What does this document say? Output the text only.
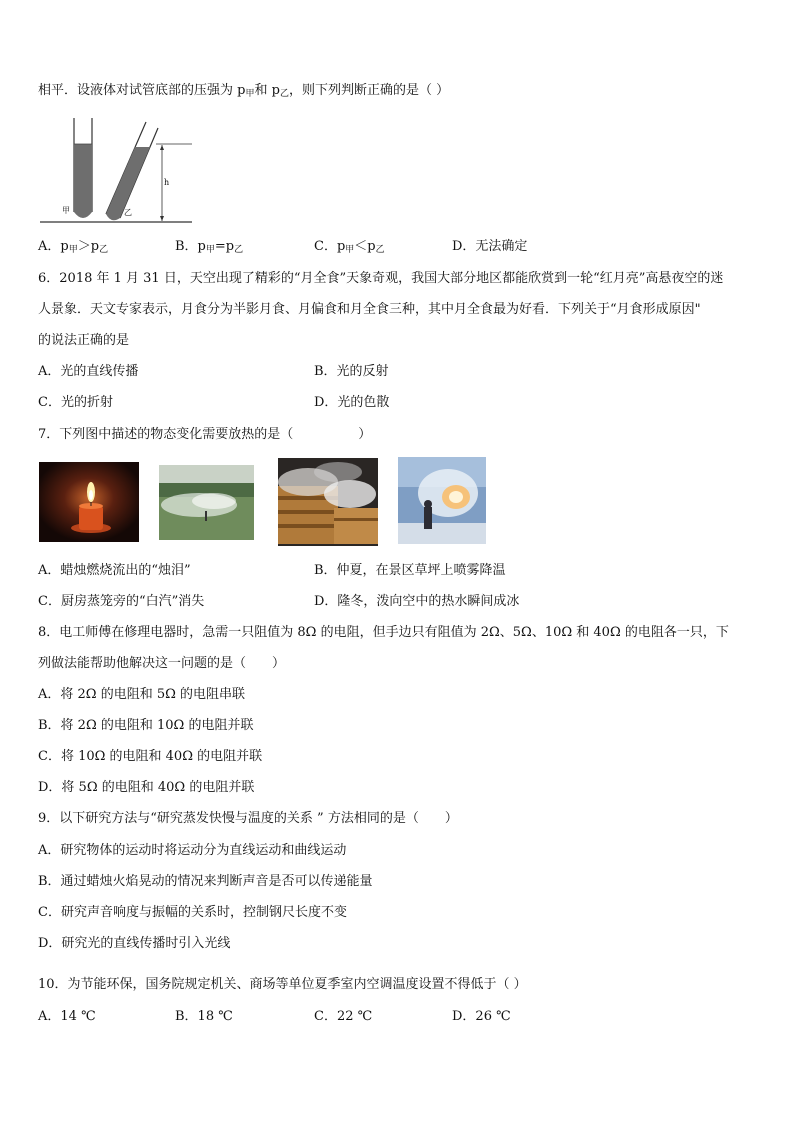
相平．设液体对试管底部的压强为 $p_甲$和 $p_乙$，则下列判断正确的是（ ）
甲	乙
h
A．$p_甲>p_乙$	B．$p_甲=p_乙$	C．$p_甲<p_乙$	D．无法确定
6．2018 年 1 月 31 日，天空出现了精彩的“月全食”天象奇观，我国大部分地区都能欣赏到一轮“红月亮”高悬夜空的迷
人景象．天文专家表示，月食分为半影月食、月偏食和月全食三种，其中月全食最为好看．下列关于“月食形成原因"
的说法正确的是
A．光的直线传播	B．光的反射
C．光的折射	D．光的色散
7．下列图中描述的物态变化需要放热的是（　　　　　）
A．蜡烛燃烧流出的“烛泪”	B．仲夏，在景区草坪上喷雾降温
C．厨房蒸笼旁的“白汽”消失	D．隆冬，泼向空中的热水瞬间成冰
8．电工师傅在修理电器时，急需一只阻值为 8Ω 的电阻，但手边只有阻值为 2Ω、5Ω、10Ω 和 40Ω 的电阻各一只，下
列做法能帮助他解决这一问题的是（　　）
A．将 2Ω 的电阻和 5Ω 的电阻串联
B．将 2Ω 的电阻和 10Ω 的电阻并联
C．将 10Ω 的电阻和 40Ω 的电阻并联
D．将 5Ω 的电阻和 40Ω 的电阻并联
9．以下研究方法与“研究蒸发快慢与温度的关系 ” 方法相同的是（　　）
A．研究物体的运动时将运动分为直线运动和曲线运动
B．通过蜡烛火焰晃动的情况来判断声音是否可以传递能量
C．研究声音响度与振幅的关系时，控制钢尺长度不变
D．研究光的直线传播时引入光线
10．为节能环保，国务院规定机关、商场等单位夏季室内空调温度设置不得低于（ ）
A．14 ℃	B．18 ℃	C．22 ℃	D．26 ℃
